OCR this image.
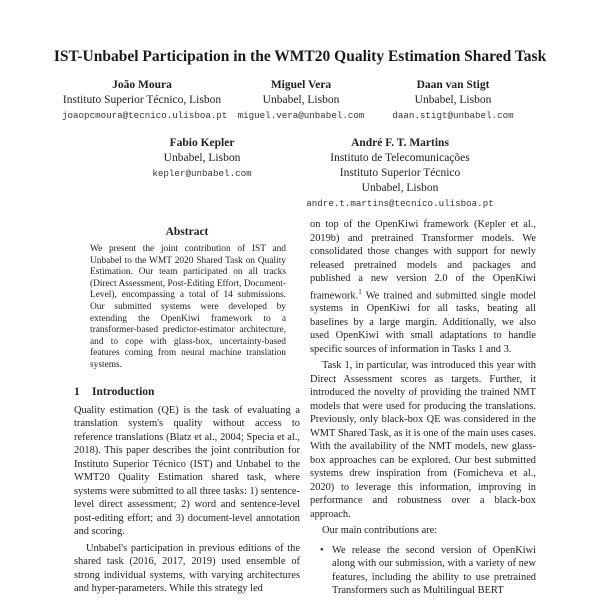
IST-Unbabel Participation in the WMT20 Quality Estimation Shared Task
João Moura
Instituto Superior Técnico, Lisbon
joaopcmoura@tecnico.ulisboa.pt
Miguel Vera
Unbabel, Lisbon
miguel.vera@unbabel.com
Daan van Stigt
Unbabel, Lisbon
daan.stigt@unbabel.com
Fabio Kepler
Unbabel, Lisbon
kepler@unbabel.com
André F. T. Martins
Instituto de Telecomunicações
Instituto Superior Técnico
Unbabel, Lisbon
andre.t.martins@tecnico.ulisboa.pt
Abstract
We present the joint contribution of IST and Unbabel to the WMT 2020 Shared Task on Quality Estimation. Our team participated on all tracks (Direct Assessment, Post-Editing Effort, Document-Level), encompassing a total of 14 submissions. Our submitted systems were developed by extending the OpenKiwi framework to a transformer-based predictor-estimator architecture, and to cope with glass-box, uncertainty-based features coming from neural machine translation systems.
1 Introduction

Quality estimation (QE) is the task of evaluating a translation system's quality without access to reference translations (Blatz et al., 2004; Specia et al., 2018). This paper describes the joint contribution for Instituto Superior Técnico (IST) and Unbabel to the WMT20 Quality Estimation shared task, where systems were submitted to all three tasks: 1) sentence-level direct assessment; 2) word and sentence-level post-editing effort; and 3) document-level annotation and scoring.

Unbabel's participation in previous editions of the shared task (2016, 2017, 2019) used ensemble of strong individual systems, with varying architectures and hyper-parameters. While this strategy led

on top of the OpenKiwi framework (Kepler et al., 2019b) and pretrained Transformer models. We consolidated those changes with support for newly released pretrained models and packages and published a new version 2.0 of the OpenKiwi framework.$^1$ We trained and submitted single model systems in OpenKiwi for all tasks, beating all baselines by a large margin. Additionally, we also used OpenKiwi with small adaptations to handle specific sources of information in Tasks 1 and 3.

Task 1, in particular, was introduced this year with Direct Assessment scores as targets. Further, it introduced the novelty of providing the trained NMT models that were used for producing the translations. Previously, only black-box QE was considered in the WMT Shared Task, as it is one of the main uses cases. With the availability of the NMT models, new glass-box approaches can be explored. Our best submitted systems drew inspiration from (Fomicheva et al., 2020) to leverage this information, improving in performance and robustness over a black-box approach.

Our main contributions are:

• We release the second version of OpenKiwi along with our submission, with a variety of new features, including the ability to use pretrained Transformers such as Multilingual BERT
